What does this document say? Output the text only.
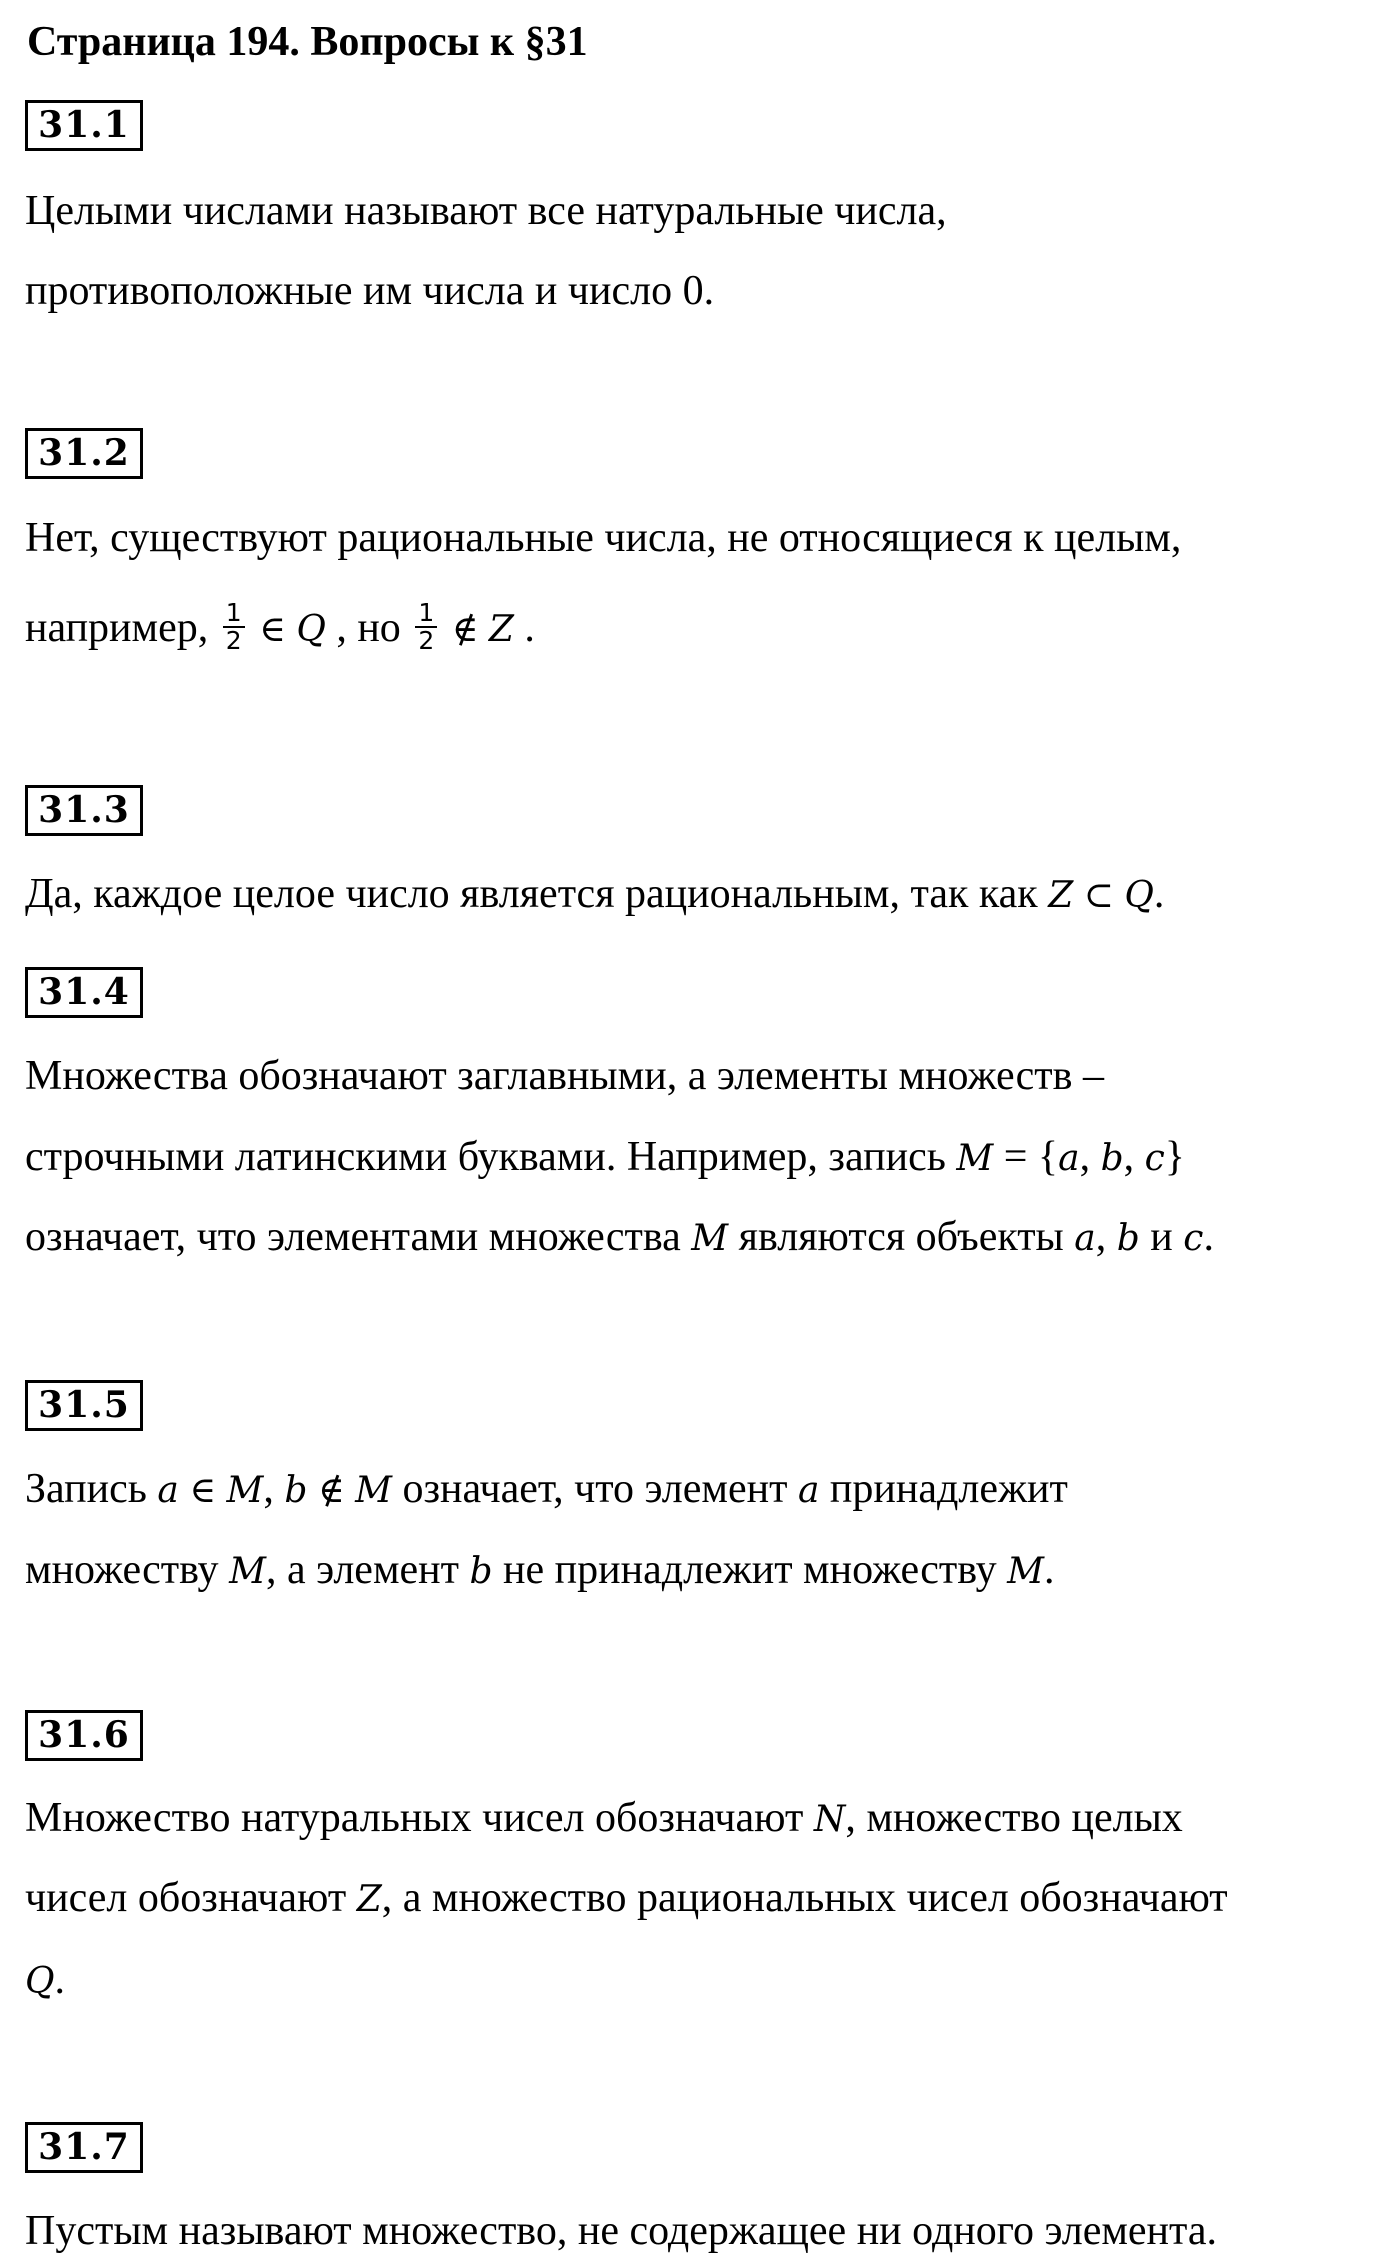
Страница 194. Вопросы к §31
31.1
Целыми числами называют все натуральные числа,
противоположные им числа и число 0.
31.2
Нет, существуют рациональные числа, не относящиеся к целым,
например, $\frac{1}{2}$ ∈ Q , но $\frac{1}{2}$ ∉ Z .
31.3
Да, каждое целое число является рациональным, так как Z ⊂ Q.
31.4
Множества обозначают заглавными, а элементы множеств –
строчными латинскими буквами. Например, запись M = {a, b, c}
означает, что элементами множества M являются объекты a, b и c.
31.5
Запись a ∈ M, b ∉ M означает, что элемент a принадлежит
множеству M, а элемент b не принадлежит множеству M.
31.6
Множество натуральных чисел обозначают N, множество целых
чисел обозначают Z, а множество рациональных чисел обозначают
Q.
31.7
Пустым называют множество, не содержащее ни одного элемента.
